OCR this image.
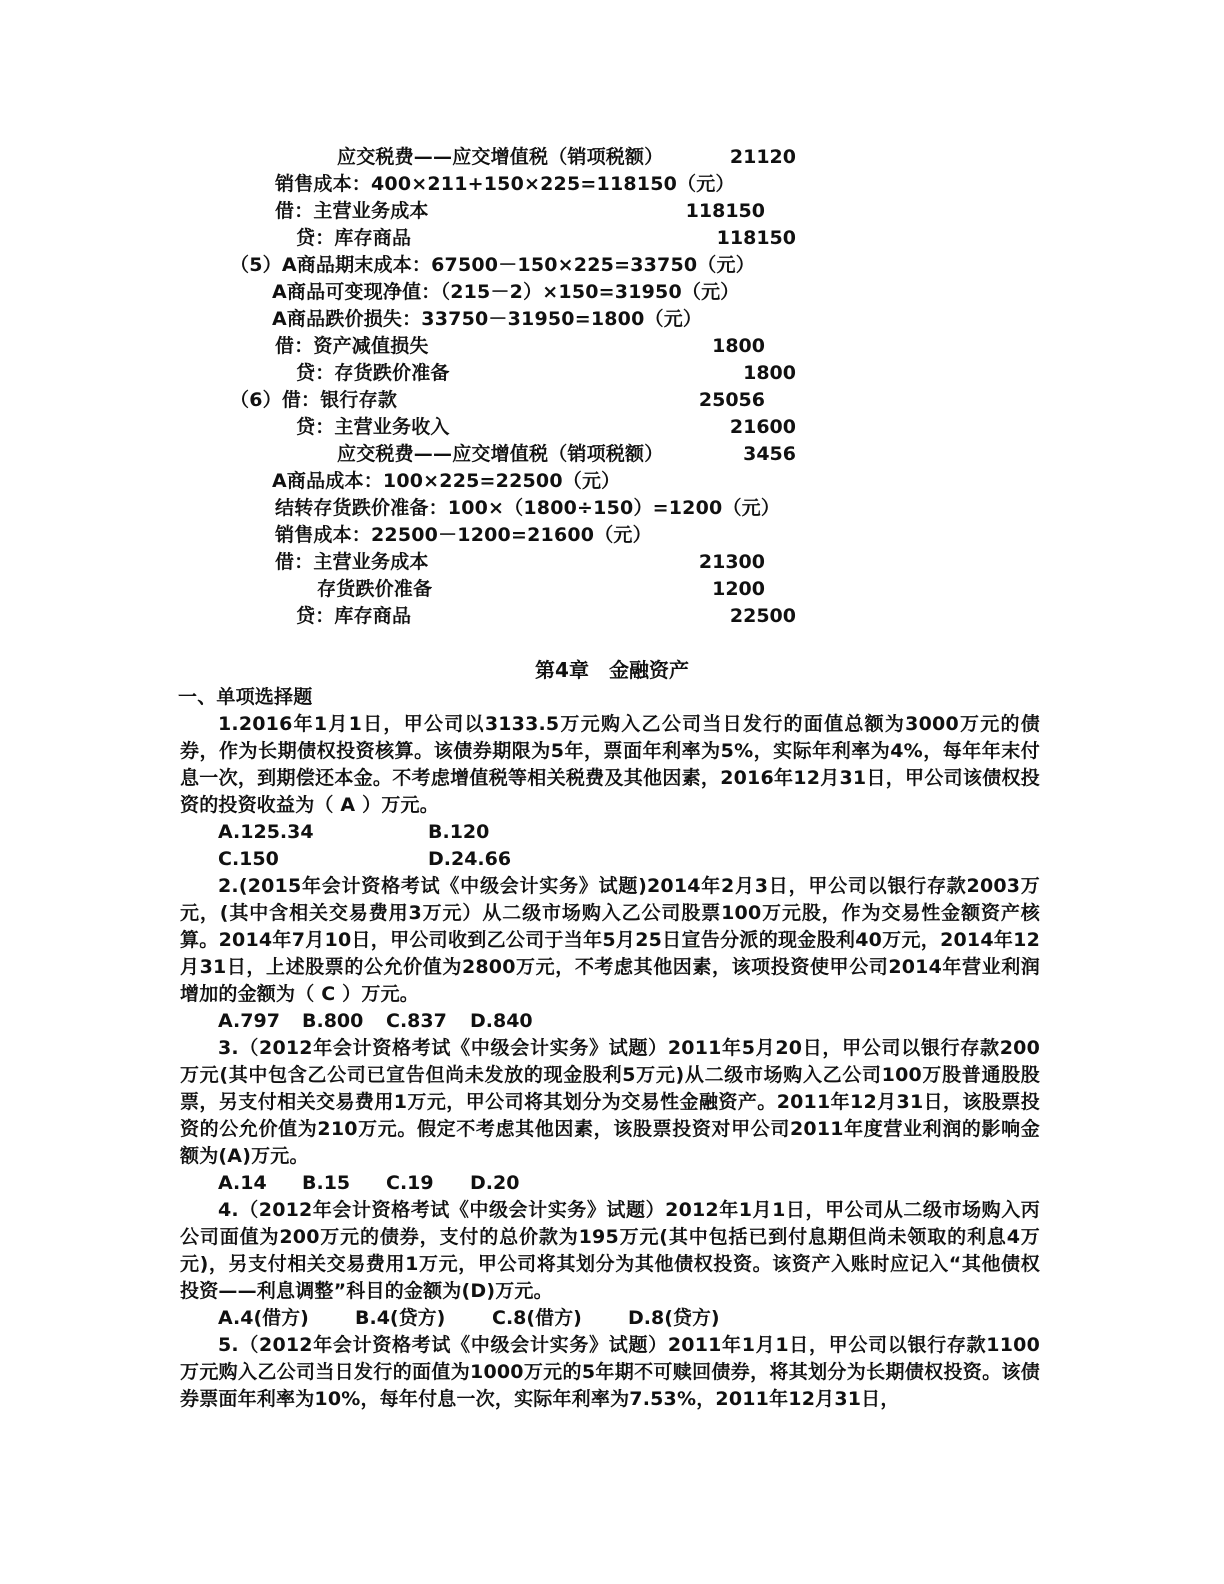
应交税费——应交增值税（销项税额）	21120
销售成本：400×211+150×225=118150（元）
借：主营业务成本	118150
贷：库存商品	118150
（5）A商品期末成本：67500－150×225=33750（元）
A商品可变现净值：（215－2）×150=31950（元）
A商品跌价损失：33750－31950=1800（元）
借：资产减值损失	1800
贷：存货跌价准备	1800
（6）借：银行存款	25056
贷：主营业务收入	21600
应交税费——应交增值税（销项税额）	3456
A商品成本：100×225=22500（元）
结转存货跌价准备：100×（1800÷150）=1200（元）
销售成本：22500－1200=21600（元）
借：主营业务成本	21300
存货跌价准备	1200
贷：库存商品	22500
第4章 金融资产
一、单项选择题
1.2016年1月1日，甲公司以3133.5万元购入乙公司当日发行的面值总额为3000万元的债券，作为长期债权投资核算。该债券期限为5年，票面年利率为5%，实际年利率为4%，每年年末付息一次，到期偿还本金。不考虑增值税等相关税费及其他因素，2016年12月31日，甲公司该债权投资的投资收益为（ A ）万元。
A.125.34	B.120
C.150	D.24.66
2.(2015年会计资格考试《中级会计实务》试题)2014年2月3日，甲公司以银行存款2003万元，(其中含相关交易费用3万元）从二级市场购入乙公司股票100万元股，作为交易性金额资产核算。2014年7月10日，甲公司收到乙公司于当年5月25日宣告分派的现金股利40万元，2014年12月31日，上述股票的公允价值为2800万元，不考虑其他因素，该项投资使甲公司2014年营业利润增加的金额为（ C ）万元。
A.797 B.800 C.837 D.840
3.（2012年会计资格考试《中级会计实务》试题）2011年5月20日，甲公司以银行存款200万元(其中包含乙公司已宣告但尚未发放的现金股利5万元)从二级市场购入乙公司100万股普通股股票，另支付相关交易费用1万元，甲公司将其划分为交易性金融资产。2011年12月31日，该股票投资的公允价值为210万元。假定不考虑其他因素，该股票投资对甲公司2011年度营业利润的影响金额为(A)万元。
A.14 B.15 C.19 D.20
4.（2012年会计资格考试《中级会计实务》试题）2012年1月1日，甲公司从二级市场购入丙公司面值为200万元的债券，支付的总价款为195万元(其中包括已到付息期但尚未领取的利息4万元)，另支付相关交易费用1万元，甲公司将其划分为其他债权投资。该资产入账时应记入“其他债权投资——利息调整”科目的金额为(D)万元。
A.4(借方) B.4(贷方) C.8(借方) D.8(贷方)
5.（2012年会计资格考试《中级会计实务》试题）2011年1月1日，甲公司以银行存款1100万元购入乙公司当日发行的面值为1000万元的5年期不可赎回债券，将其划分为长期债权投资。该债券票面年利率为10%，每年付息一次，实际年利率为7.53%，2011年12月31日，
